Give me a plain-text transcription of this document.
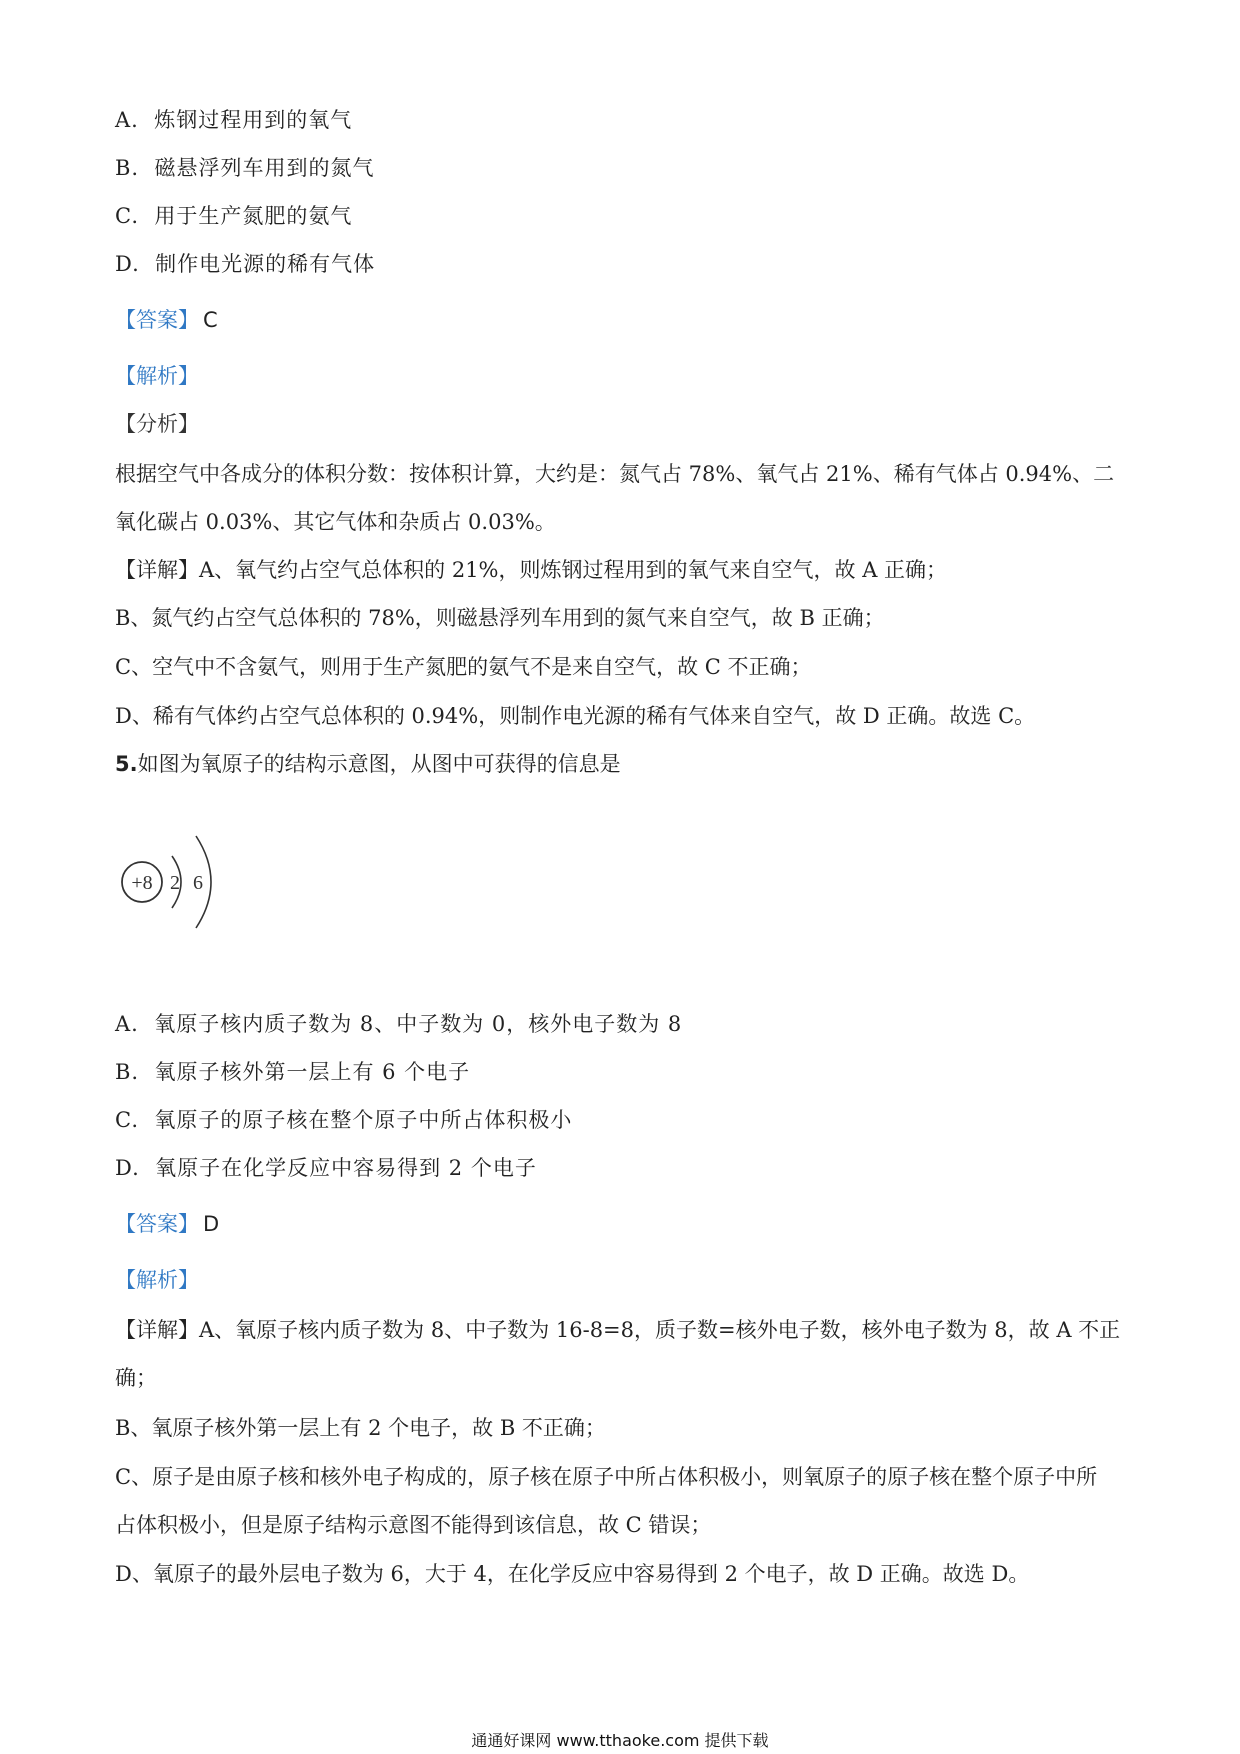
A.  炼钢过程用到的氧气
B.  磁悬浮列车用到的氮气
C.  用于生产氮肥的氨气
D.  制作电光源的稀有气体
【答案】 C
【解析】
【分析】
根据空气中各成分的体积分数：按体积计算，大约是：氮气占 78%、氧气占 21%、稀有气体占 0.94%、二
氧化碳占 0.03%、其它气体和杂质占 0.03%。
【详解】A、氧气约占空气总体积的 21%，则炼钢过程用到的氧气来自空气，故 A 正确；
B、氮气约占空气总体积的 78%，则磁悬浮列车用到的氮气来自空气，故 B 正确；
C、空气中不含氨气，则用于生产氮肥的氨气不是来自空气，故 C 不正确；
D、稀有气体约占空气总体积的 0.94%，则制作电光源的稀有气体来自空气，故 D 正确。故选 C。
5.如图为氧原子的结构示意图，从图中可获得的信息是
+8 2 6
A.  氧原子核内质子数为 8、中子数为 0，核外电子数为 8
B.  氧原子核外第一层上有 6 个电子
C.  氧原子的原子核在整个原子中所占体积极小
D.  氧原子在化学反应中容易得到 2 个电子
【答案】 D
【解析】
【详解】A、氧原子核内质子数为 8、中子数为 16-8=8，质子数=核外电子数，核外电子数为 8，故 A 不正
确；
B、氧原子核外第一层上有 2 个电子，故 B 不正确；
C、原子是由原子核和核外电子构成的，原子核在原子中所占体积极小，则氧原子的原子核在整个原子中所
占体积极小，但是原子结构示意图不能得到该信息，故 C 错误；
D、氧原子的最外层电子数为 6，大于 4，在化学反应中容易得到 2 个电子，故 D 正确。故选 D。
通通好课网 www.tthaoke.com 提供下载
